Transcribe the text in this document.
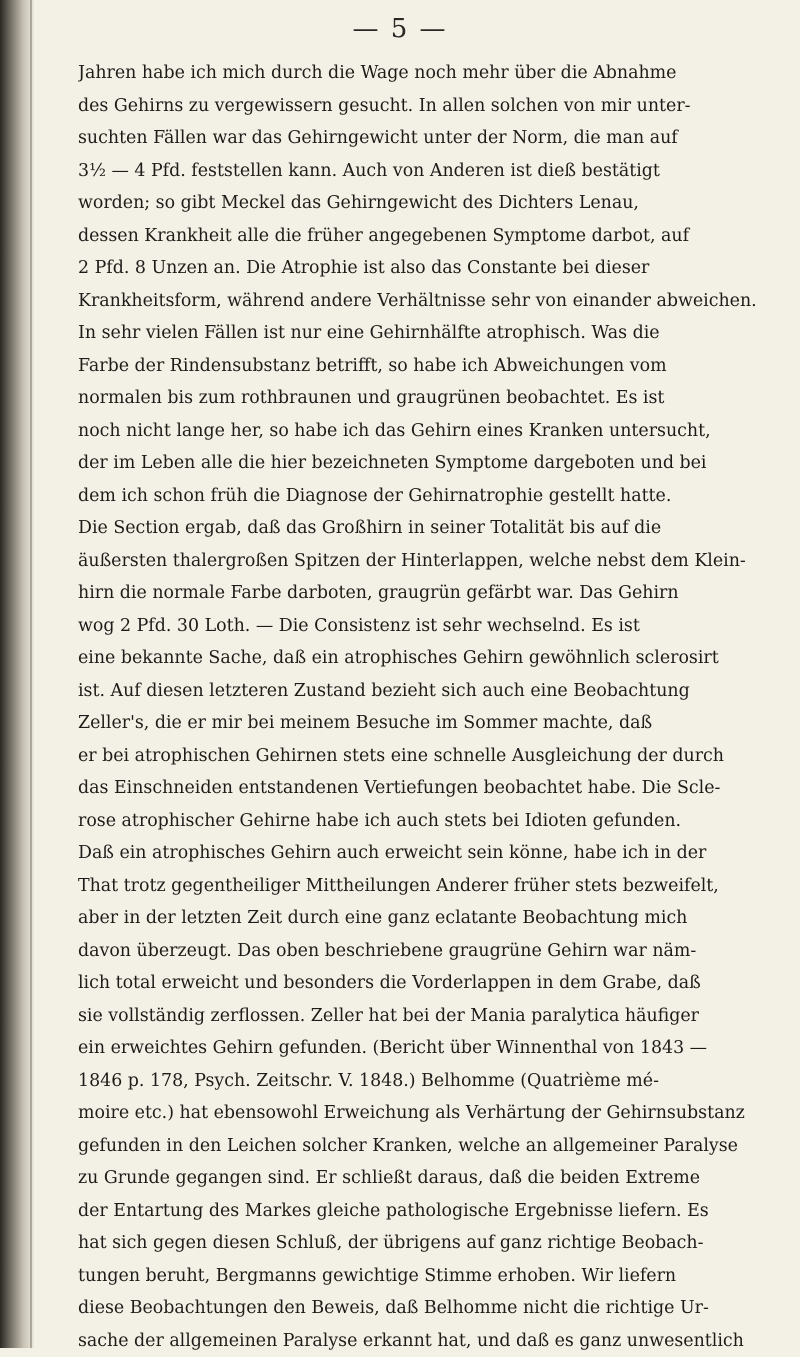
— 5 —
Jahren habe ich mich durch die Wage noch mehr über die Abnahme
des Gehirns zu vergewissern gesucht. In allen solchen von mir unter-
suchten Fällen war das Gehirngewicht unter der Norm, die man auf
3½ — 4 Pfd. feststellen kann. Auch von Anderen ist dieß bestätigt
worden; so gibt Meckel das Gehirngewicht des Dichters Lenau,
dessen Krankheit alle die früher angegebenen Symptome darbot, auf
2 Pfd. 8 Unzen an. Die Atrophie ist also das Constante bei dieser
Krankheitsform, während andere Verhältnisse sehr von einander abweichen.
In sehr vielen Fällen ist nur eine Gehirnhälfte atrophisch. Was die
Farbe der Rindensubstanz betrifft, so habe ich Abweichungen vom
normalen bis zum rothbraunen und graugrünen beobachtet. Es ist
noch nicht lange her, so habe ich das Gehirn eines Kranken untersucht,
der im Leben alle die hier bezeichneten Symptome dargeboten und bei
dem ich schon früh die Diagnose der Gehirnatrophie gestellt hatte.
Die Section ergab, daß das Großhirn in seiner Totalität bis auf die
äußersten thalergroßen Spitzen der Hinterlappen, welche nebst dem Klein-
hirn die normale Farbe darboten, graugrün gefärbt war. Das Gehirn
wog 2 Pfd. 30 Loth. — Die Consistenz ist sehr wechselnd. Es ist
eine bekannte Sache, daß ein atrophisches Gehirn gewöhnlich sclerosirt
ist. Auf diesen letzteren Zustand bezieht sich auch eine Beobachtung
Zeller's, die er mir bei meinem Besuche im Sommer machte, daß
er bei atrophischen Gehirnen stets eine schnelle Ausgleichung der durch
das Einschneiden entstandenen Vertiefungen beobachtet habe. Die Scle-
rose atrophischer Gehirne habe ich auch stets bei Idioten gefunden.
Daß ein atrophisches Gehirn auch erweicht sein könne, habe ich in der
That trotz gegentheiliger Mittheilungen Anderer früher stets bezweifelt,
aber in der letzten Zeit durch eine ganz eclatante Beobachtung mich
davon überzeugt. Das oben beschriebene graugrüne Gehirn war näm-
lich total erweicht und besonders die Vorderlappen in dem Grabe, daß
sie vollständig zerflossen. Zeller hat bei der Mania paralytica häufiger
ein erweichtes Gehirn gefunden. (Bericht über Winnenthal von 1843 —
1846 p. 178, Psych. Zeitschr. V. 1848.) Belhomme (Quatrième mé-
moire etc.) hat ebensowohl Erweichung als Verhärtung der Gehirnsubstanz
gefunden in den Leichen solcher Kranken, welche an allgemeiner Paralyse
zu Grunde gegangen sind. Er schließt daraus, daß die beiden Extreme
der Entartung des Markes gleiche pathologische Ergebnisse liefern. Es
hat sich gegen diesen Schluß, der übrigens auf ganz richtige Beobach-
tungen beruht, Bergmanns gewichtige Stimme erhoben. Wir liefern
diese Beobachtungen den Beweis, daß Belhomme nicht die richtige Ur-
sache der allgemeinen Paralyse erkannt hat, und daß es ganz unwesentlich
